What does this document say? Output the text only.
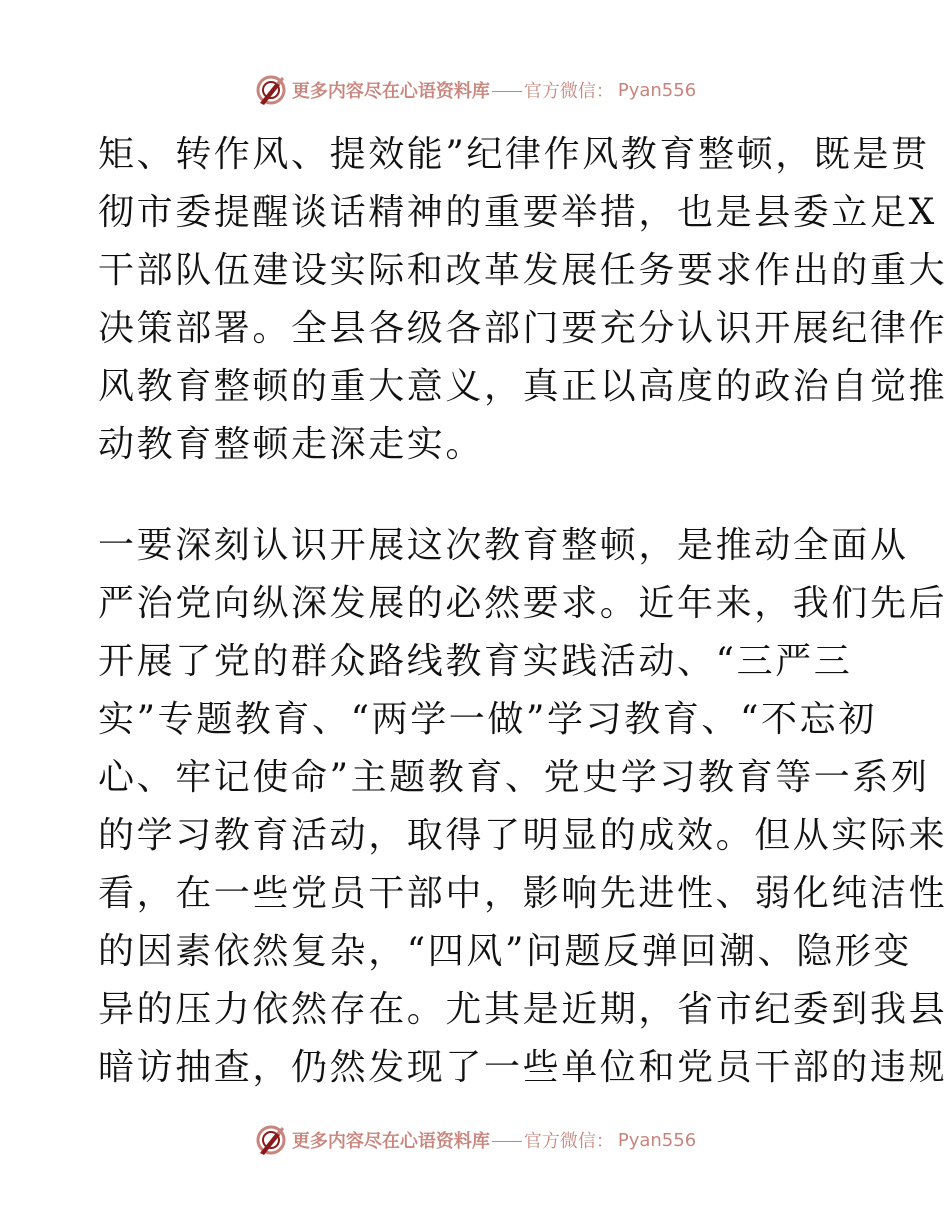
更多内容尽在心语资料库 官方微信： Pyan556
矩、转作风、提效能”纪律作风教育整顿，既是贯
彻市委提醒谈话精神的重要举措，也是县委立足X
干部队伍建设实际和改革发展任务要求作出的重大
决策部署。全县各级各部门要充分认识开展纪律作
风教育整顿的重大意义，真正以高度的政治自觉推
动教育整顿走深走实。
一要深刻认识开展这次教育整顿，是推动全面从
严治党向纵深发展的必然要求。近年来，我们先后
开展了党的群众路线教育实践活动、“三严三
实”专题教育、“两学一做”学习教育、“不忘初
心、牢记使命”主题教育、党史学习教育等一系列
的学习教育活动，取得了明显的成效。但从实际来
看，在一些党员干部中，影响先进性、弱化纯洁性
的因素依然复杂，“四风”问题反弹回潮、隐形变
异的压力依然存在。尤其是近期，省市纪委到我县
暗访抽查，仍然发现了一些单位和党员干部的违规
更多内容尽在心语资料库 官方微信： Pyan556
